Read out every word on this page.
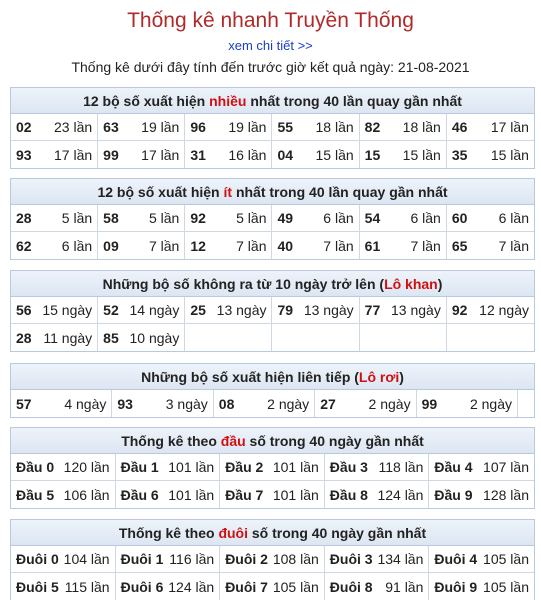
Thống kê nhanh Truyền Thống
xem chi tiết >>
Thống kê dưới đây tính đến trước giờ kết quả ngày: 21-08-2021
12 bộ số xuất hiện nhiều nhất trong 40 lần quay gần nhất
02 23 lần 63 19 lần 96 19 lần 55 18 lần 82 18 lần 46 17 lần
93 17 lần 99 17 lần 31 16 lần 04 15 lần 15 15 lần 35 15 lần
12 bộ số xuất hiện ít nhất trong 40 lần quay gần nhất
28 5 lần 58 5 lần 92 5 lần 49 6 lần 54 6 lần 60 6 lần
62 6 lần 09 7 lần 12 7 lần 40 7 lần 61 7 lần 65 7 lần
Những bộ số không ra từ 10 ngày trở lên (Lô khan)
56 15 ngày 52 14 ngày 25 13 ngày 79 13 ngày 77 13 ngày 92 12 ngày
28 11 ngày 85 10 ngày
Những bộ số xuất hiện liên tiếp (Lô rơi)
57 4 ngày 93 3 ngày 08 2 ngày 27 2 ngày 99 2 ngày
Thống kê theo đầu số trong 40 ngày gần nhất
Đầu 0 120 lần Đầu 1 101 lần Đầu 2 101 lần Đầu 3 118 lần Đầu 4 107 lần
Đầu 5 106 lần Đầu 6 101 lần Đầu 7 101 lần Đầu 8 124 lần Đầu 9 128 lần
Thống kê theo đuôi số trong 40 ngày gần nhất
Đuôi 0 104 lần Đuôi 1 116 lần Đuôi 2 108 lần Đuôi 3 134 lần Đuôi 4 105 lần
Đuôi 5 115 lần Đuôi 6 124 lần Đuôi 7 105 lần Đuôi 8 91 lần Đuôi 9 105 lần
